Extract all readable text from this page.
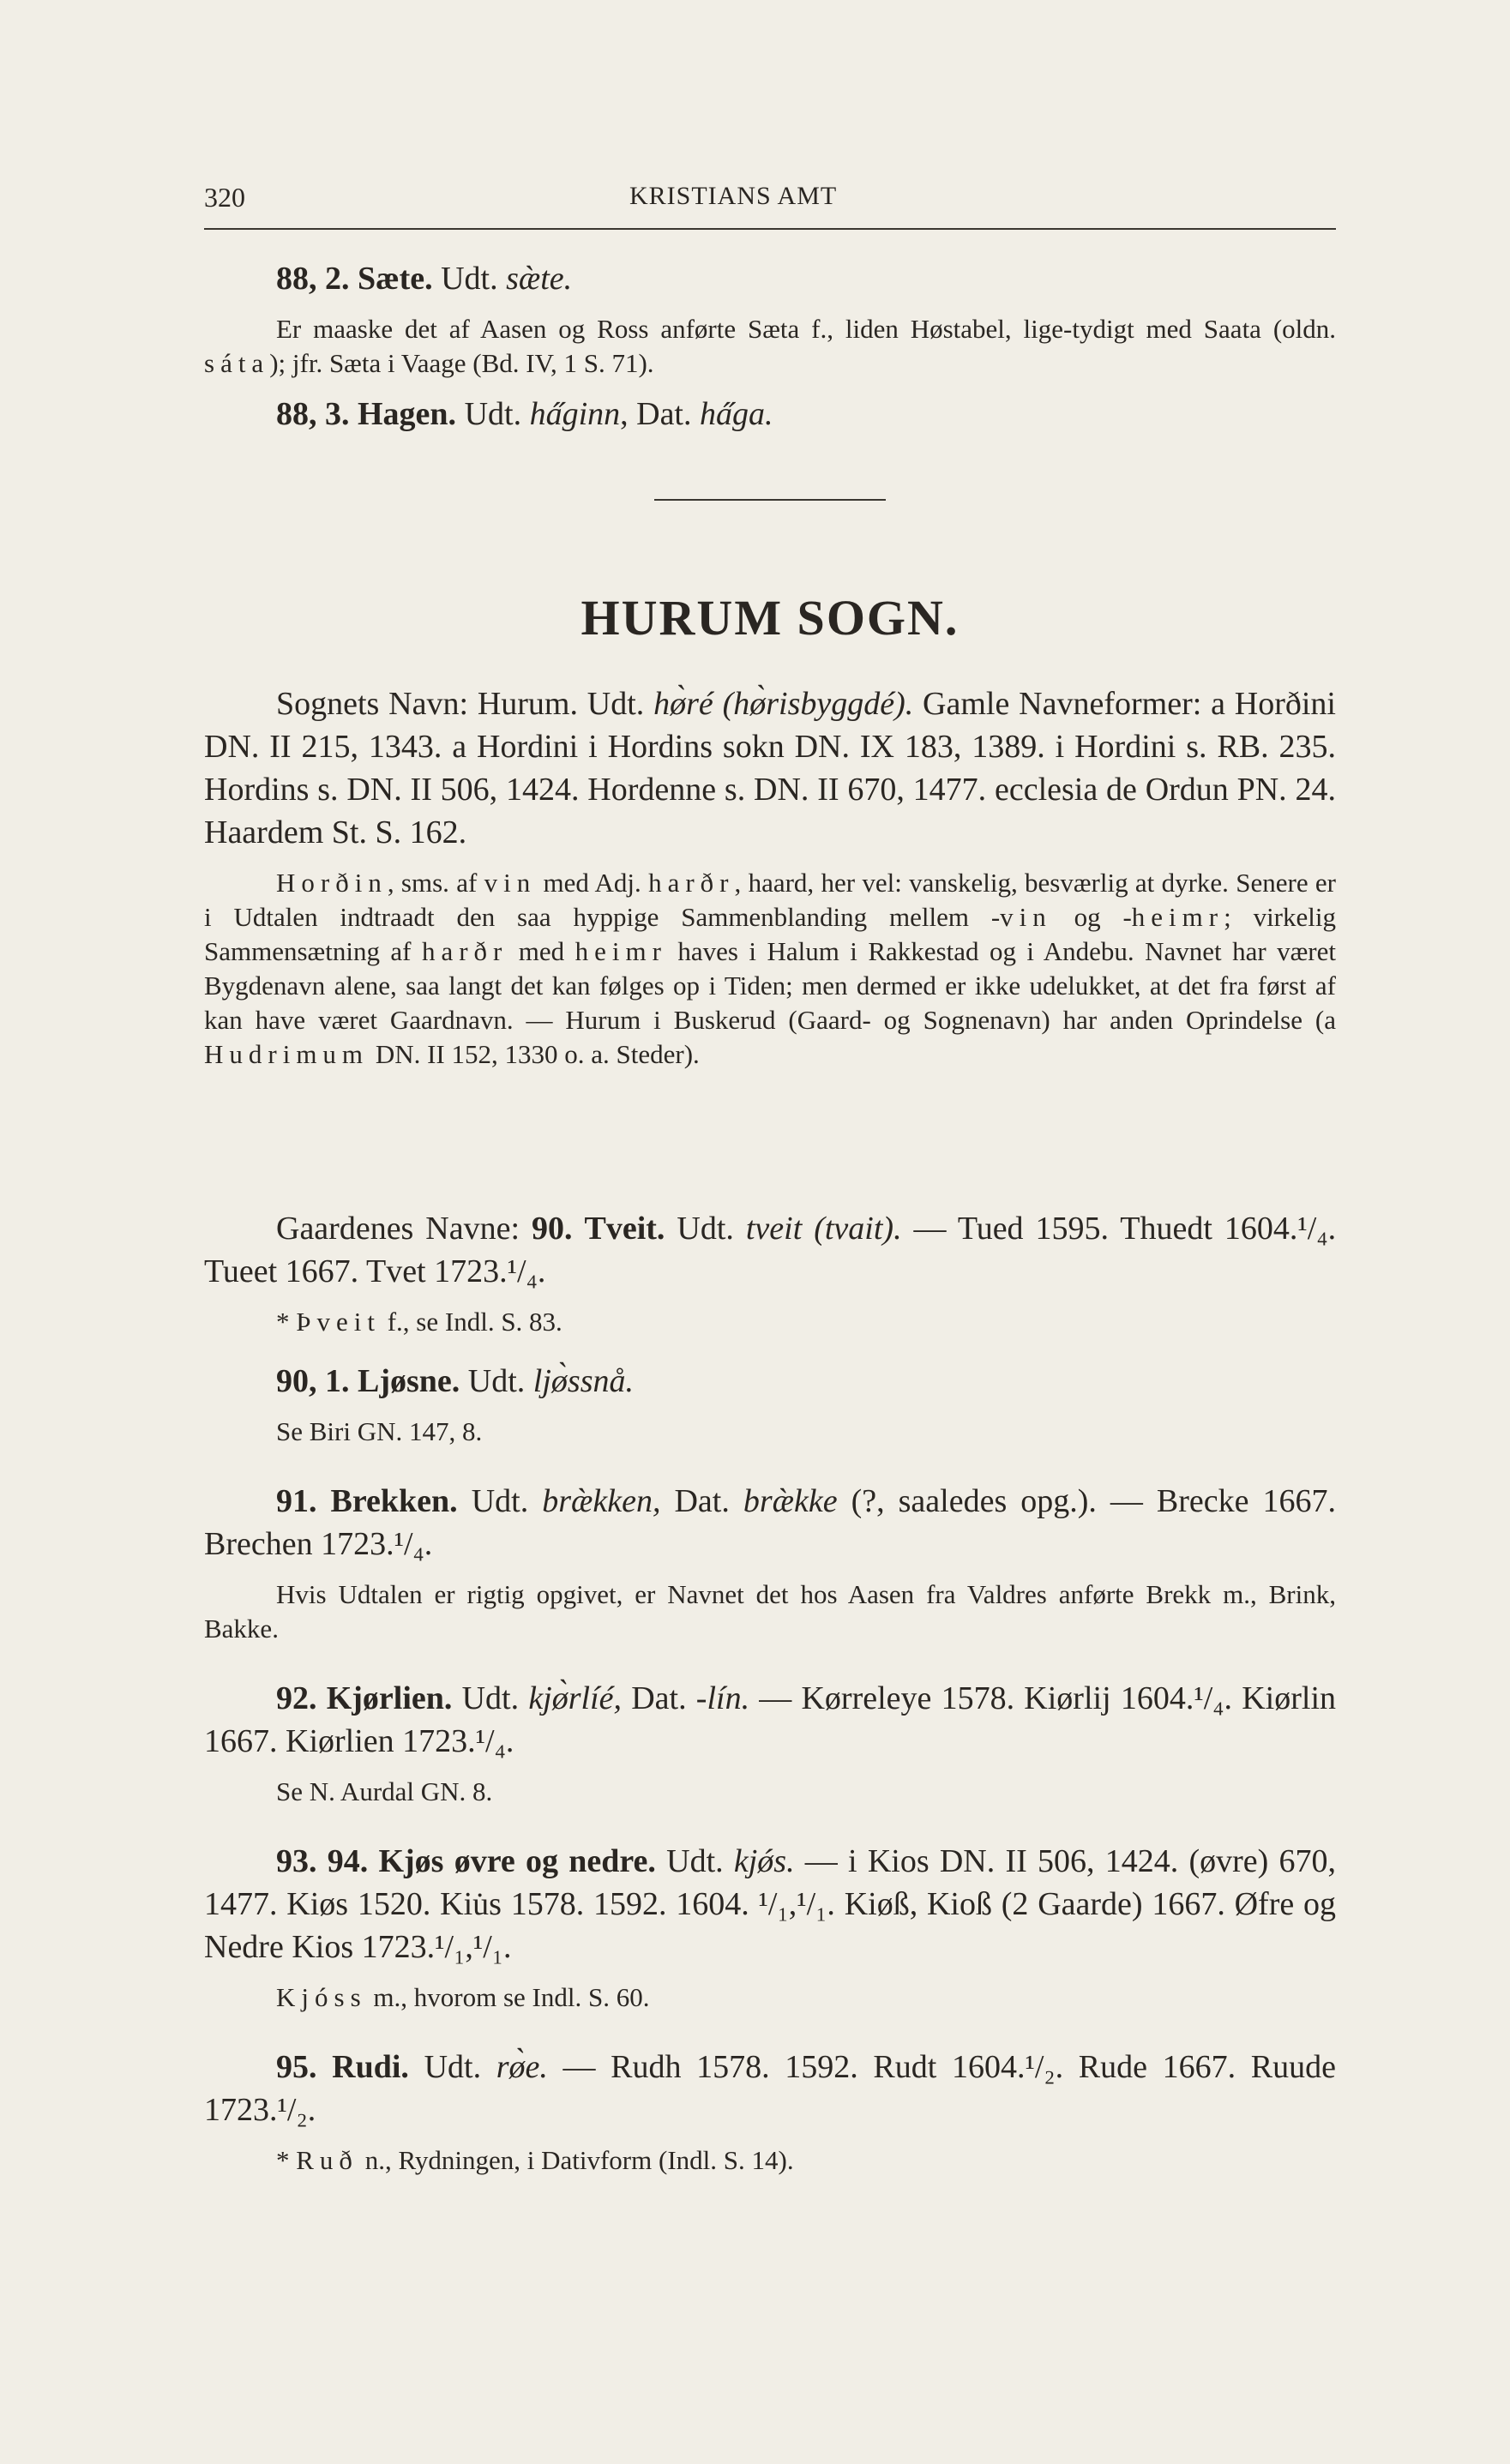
320	KRISTIANS AMT

88, 2. Sæte. Udt. sæ̀te.

Er maaske det af Aasen og Ross anførte Sæta f., liden Høstabel, lige-tydigt med Saata (oldn. sáta); jfr. Sæta i Vaage (Bd. IV, 1 S. 71).

88, 3. Hagen. Udt. ha̋ginn, Dat. ha̋ga.

HURUM SOGN.

Sognets Navn: Hurum. Udt. hø̀ré (hø̀risbyggdé). Gamle Navneformer: a Horðini DN. II 215, 1343. a Hordini i Hordins sokn DN. IX 183, 1389. i Hordini s. RB. 235. Hordins s. DN. II 506, 1424. Hordenne s. DN. II 670, 1477. ecclesia de Ordun PN. 24. Haardem St. S. 162.

Horðin, sms. af vin med Adj. harðr, haard, her vel: vanskelig, besværlig at dyrke. Senere er i Udtalen indtraadt den saa hyppige Sammenblanding mellem -vin og -heimr; virkelig Sammensætning af harðr med heimr haves i Halum i Rakkestad og i Andebu. Navnet har været Bygdenavn alene, saa langt det kan følges op i Tiden; men dermed er ikke udelukket, at det fra først af kan have været Gaardnavn. — Hurum i Buskerud (Gaard- og Sognenavn) har anden Oprindelse (a Hudrimum DN. II 152, 1330 o. a. Steder).

Gaardenes Navne: 90. Tveit. Udt. tveit (tvait). — Tued 1595. Thuedt 1604.¹/₄. Tueet 1667. Tvet 1723.¹/₄.

* Þveit f., se Indl. S. 83.

90, 1. Ljøsne. Udt. ljø̀ssnå.

Se Biri GN. 147, 8.

91. Brekken. Udt. bræ̀kken, Dat. bræ̀kke (?, saaledes opg.). — Brecke 1667. Brechen 1723.¹/₄.

Hvis Udtalen er rigtig opgivet, er Navnet det hos Aasen fra Valdres anførte Brekk m., Brink, Bakke.

92. Kjørlien. Udt. kjø̀rlíé, Dat. -lín. — Kørreleye 1578. Kiørlij 1604.¹/₄. Kiørlin 1667. Kiørlien 1723.¹/₄.

Se N. Aurdal GN. 8.

93. 94. Kjøs øvre og nedre. Udt. kjǿs. — i Kios DN. II 506, 1424. (øvre) 670, 1477. Kiøs 1520. Kiu̇s 1578. 1592. 1604. ¹/₁,¹/₁. Kiøß, Kioß (2 Gaarde) 1667. Øfre og Nedre Kios 1723.¹/₁,¹/₁.

Kjóss m., hvorom se Indl. S. 60.

95. Rudi. Udt. rø̀e. — Rudh 1578. 1592. Rudt 1604.¹/₂. Rude 1667. Ruude 1723.¹/₂.

* Ruð n., Rydningen, i Dativform (Indl. S. 14).
